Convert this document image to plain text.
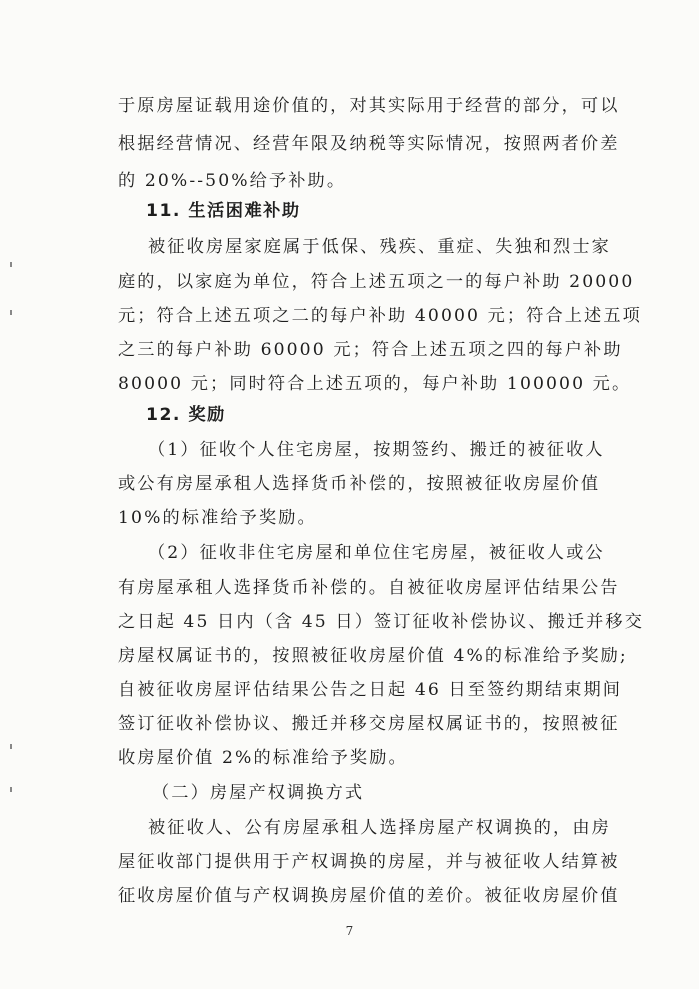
于原房屋证载用途价值的，对其实际用于经营的部分，可以
根据经营情况、经营年限及纳税等实际情况，按照两者价差
的 20%--50%给予补助。
11. 生活困难补助
被征收房屋家庭属于低保、残疾、重症、失独和烈士家
庭的，以家庭为单位，符合上述五项之一的每户补助 20000
元；符合上述五项之二的每户补助 40000 元；符合上述五项
之三的每户补助 60000 元；符合上述五项之四的每户补助
80000 元；同时符合上述五项的，每户补助 100000 元。
12. 奖励
（1）征收个人住宅房屋，按期签约、搬迁的被征收人
或公有房屋承租人选择货币补偿的，按照被征收房屋价值
10%的标准给予奖励。
（2）征收非住宅房屋和单位住宅房屋，被征收人或公
有房屋承租人选择货币补偿的。自被征收房屋评估结果公告
之日起 45 日内（含 45 日）签订征收补偿协议、搬迁并移交
房屋权属证书的，按照被征收房屋价值 4%的标准给予奖励;
自被征收房屋评估结果公告之日起 46 日至签约期结束期间
签订征收补偿协议、搬迁并移交房屋权属证书的，按照被征
收房屋价值 2%的标准给予奖励。
（二）房屋产权调换方式
被征收人、公有房屋承租人选择房屋产权调换的，由房
屋征收部门提供用于产权调换的房屋，并与被征收人结算被
征收房屋价值与产权调换房屋价值的差价。被征收房屋价值
7
